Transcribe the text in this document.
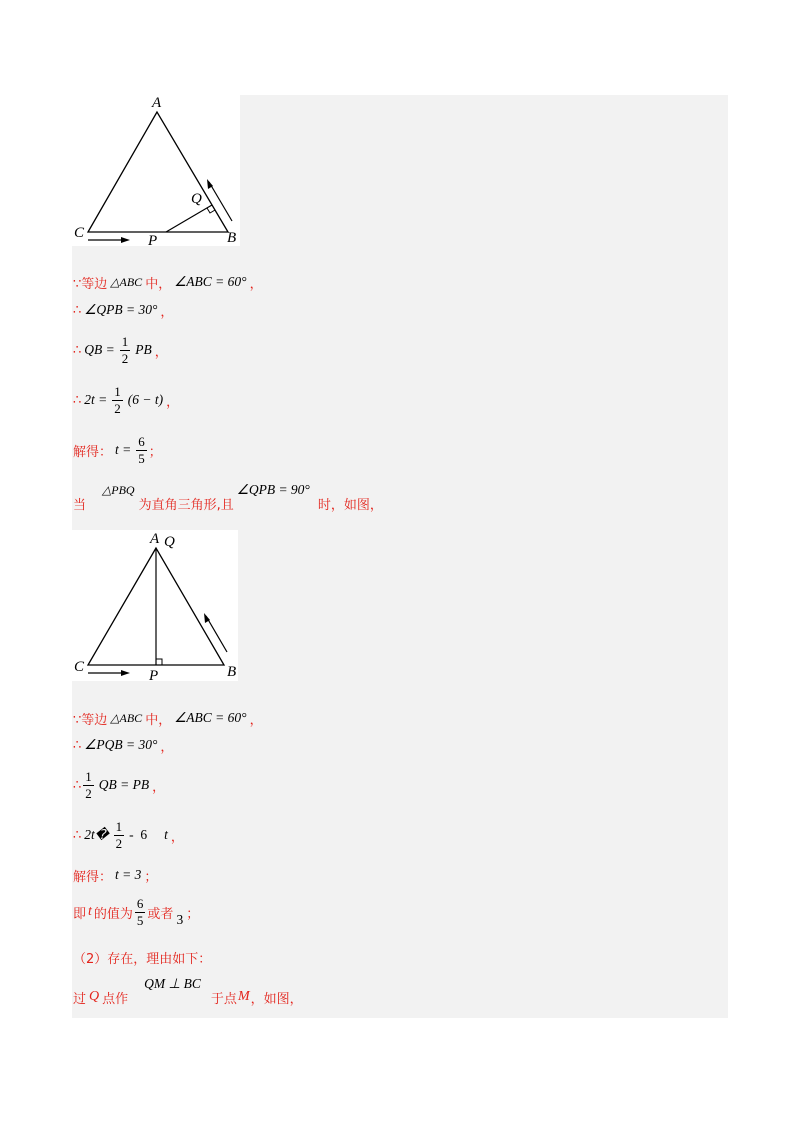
A
C	B
P
Q
∵等边 △ABC 中， ∠ABC = 60° ，
∴ ∠QPB = 30° ，
∴ QB = $\frac{1}{2}$ PB ，
∴ $2t = \frac{1}{2} (6 - t)$ ，
解得： $t = \frac{6}{5}$ ；
当
△PBQ
为直角三角形,且
∠QPB = 90°
时，如图，
A Q
C	B
P
∵等边 △ABC 中， ∠ABC = 60° ，
∴ ∠PQB = 30° ，
∴ $\frac{1}{2}$ QB = PB ，
∴ 2t� $\frac{1}{2} - 6$ t ，
解得： t = 3 ；
即 t 的值为 $\frac{6}{5}$ 或者 3 ；
（2）存在，理由如下：
过 Q 点作
QM ⊥ BC
于点 M ，如图，
